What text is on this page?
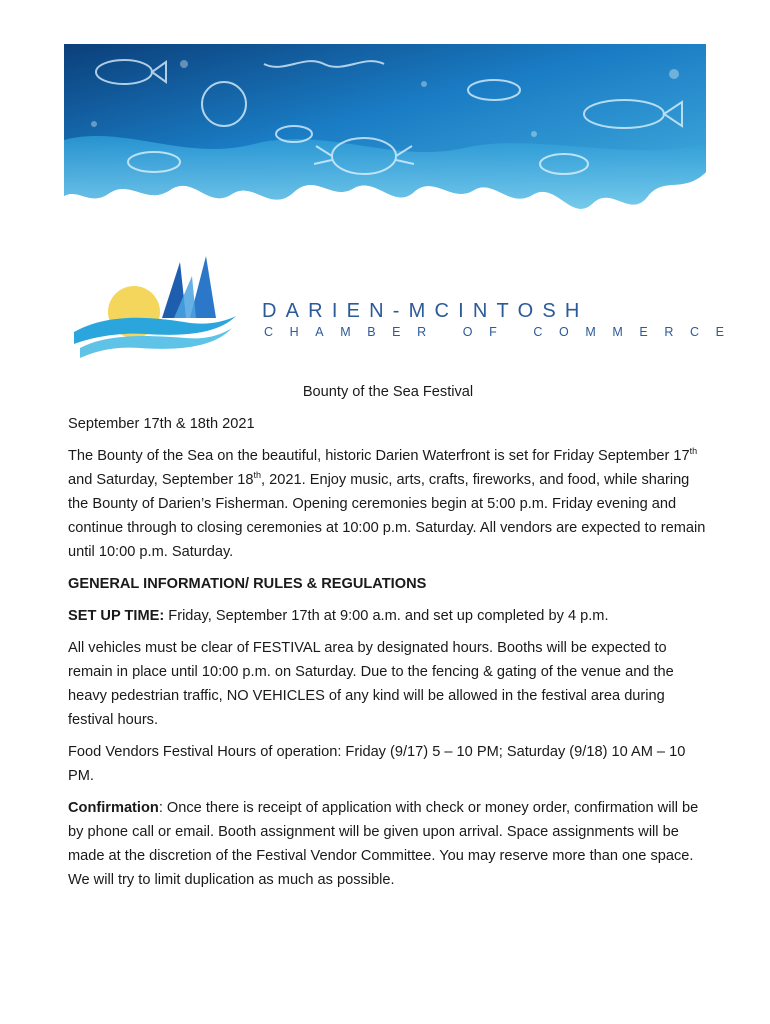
DARIEN-MCINTOSH
CHAMBER OF COMMERCE
Bounty of the Sea Festival
September 17th & 18th 2021
The Bounty of the Sea on the beautiful, historic Darien Waterfront is set for Friday September 17th and Saturday, September 18th, 2021. Enjoy music, arts, crafts, fireworks, and food, while sharing the Bounty of Darien’s Fisherman. Opening ceremonies begin at 5:00 p.m. Friday evening and continue through to closing ceremonies at 10:00 p.m. Saturday. All vendors are expected to remain until 10:00 p.m. Saturday.
GENERAL INFORMATION/ RULES & REGULATIONS
SET UP TIME: Friday, September 17th at 9:00 a.m. and set up completed by 4 p.m.
All vehicles must be clear of FESTIVAL area by designated hours. Booths will be expected to remain in place until 10:00 p.m. on Saturday. Due to the fencing & gating of the venue and the heavy pedestrian traffic, NO VEHICLES of any kind will be allowed in the festival area during festival hours.
Food Vendors Festival Hours of operation: Friday (9/17) 5 – 10 PM; Saturday (9/18) 10 AM – 10 PM.
Confirmation: Once there is receipt of application with check or money order, confirmation will be by phone call or email. Booth assignment will be given upon arrival. Space assignments will be made at the discretion of the Festival Vendor Committee. You may reserve more than one space. We will try to limit duplication as much as possible.
